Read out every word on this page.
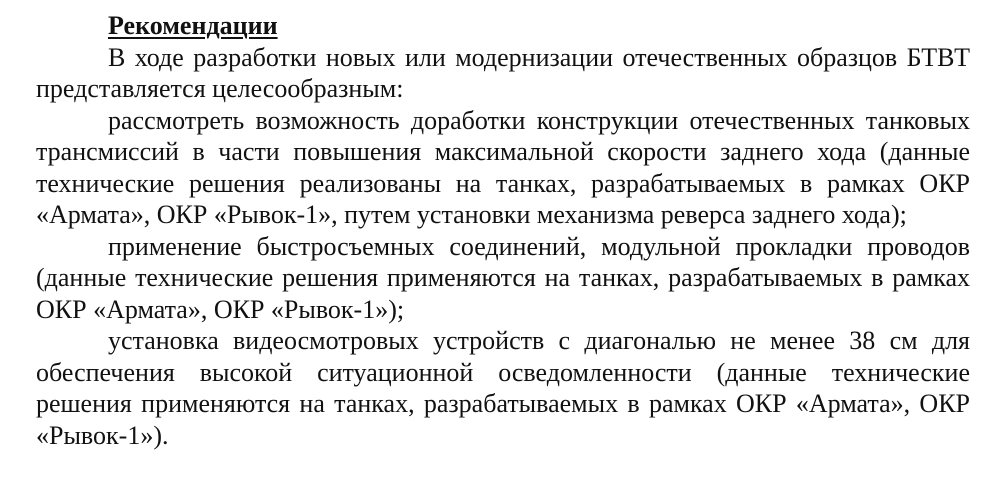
Рекомендации

В ходе разработки новых или модернизации отечественных образцов БТВТ представляется целесообразным:

рассмотреть возможность доработки конструкции отечественных танковых трансмиссий в части повышения максимальной скорости заднего хода (данные технические решения реализованы на танках, разрабатываемых в рамках ОКР «Армата», ОКР «Рывок-1», путем установки механизма реверса заднего хода);

применение быстросъемных соединений, модульной прокладки проводов (данные технические решения применяются на танках, разрабатываемых в рамках ОКР «Армата», ОКР «Рывок-1»);

установка видеосмотровых устройств с диагональю не менее 38 см для обеспечения высокой ситуационной осведомленности (данные технические решения применяются на танках, разрабатываемых в рамках ОКР «Армата», ОКР «Рывок-1»).
